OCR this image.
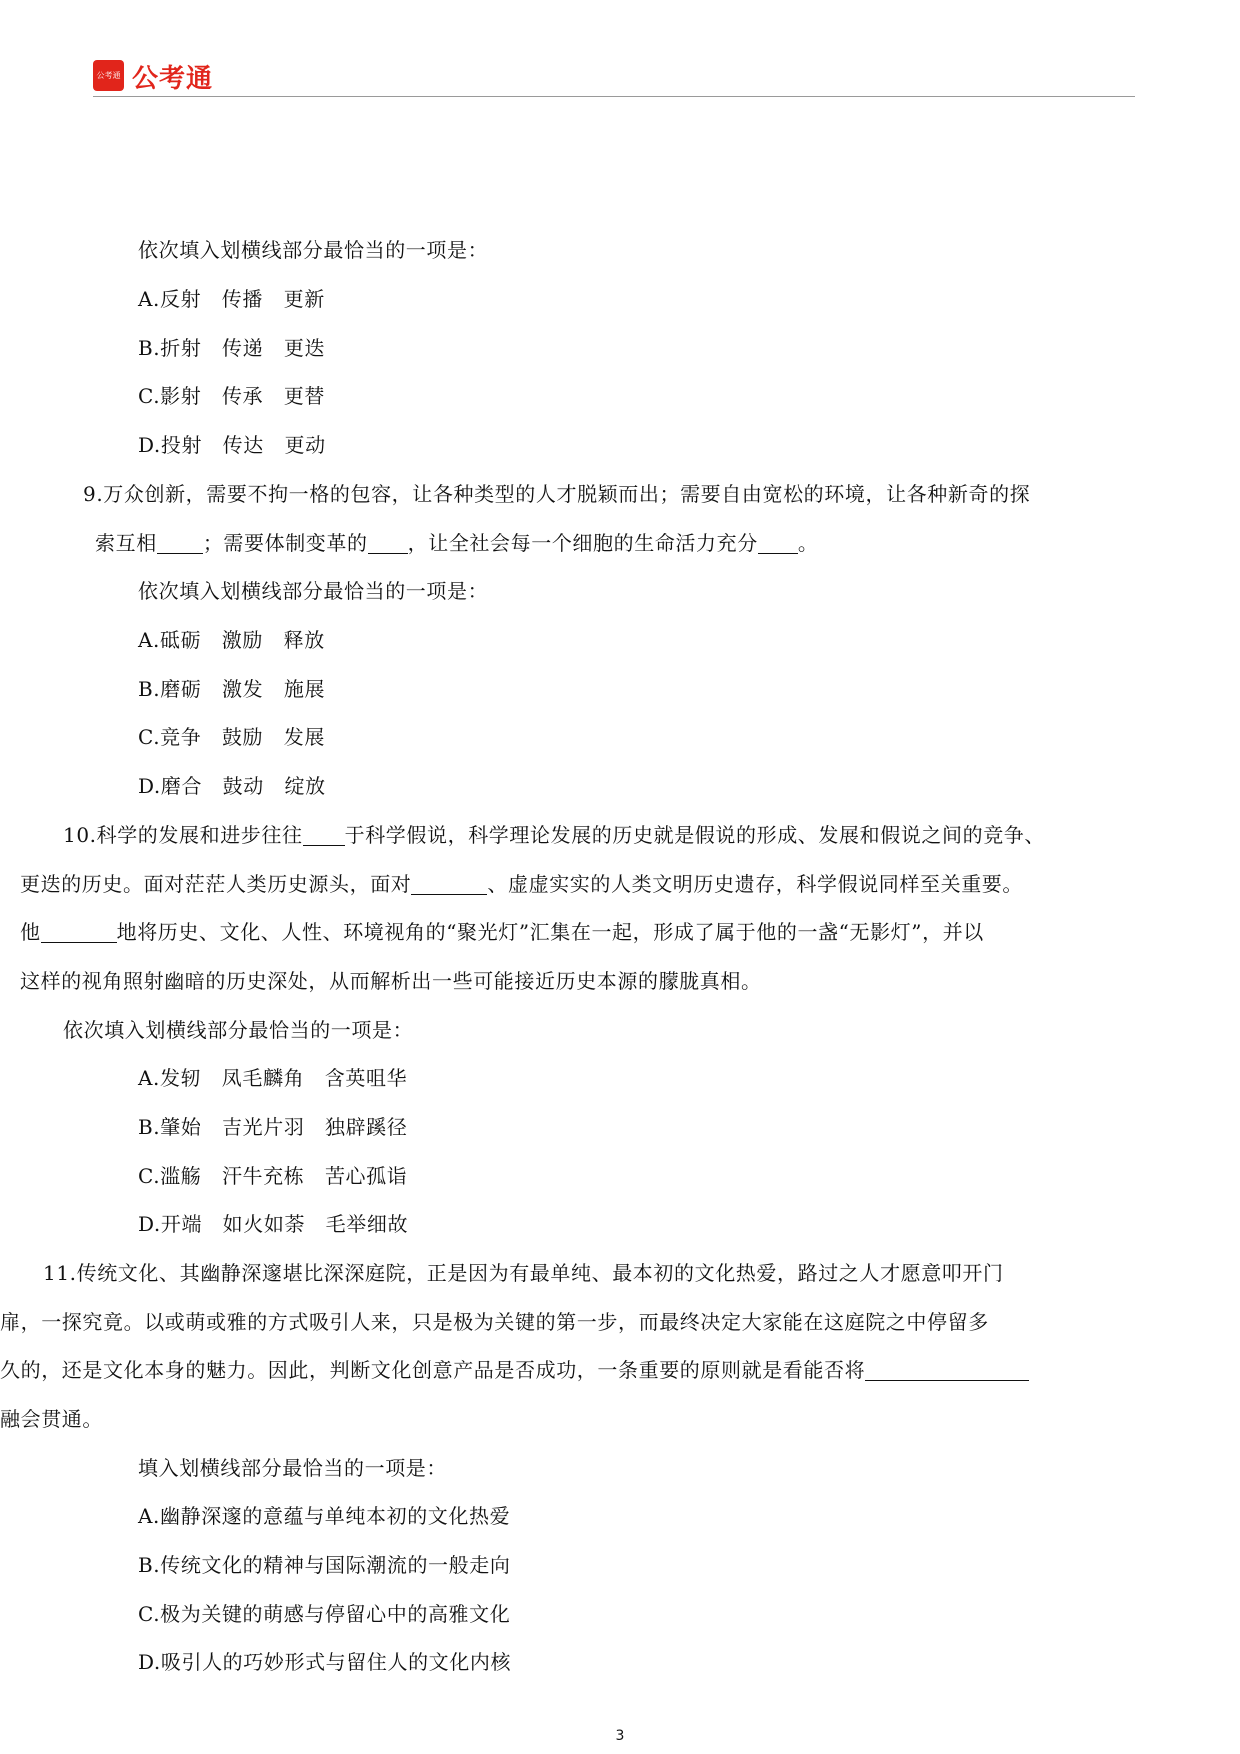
公考通 公考通
依次填入划横线部分最恰当的一项是：
A.反射　传播　更新
B.折射　传递　更迭
C.影射　传承　更替
D.投射　传达　更动
9.万众创新，需要不拘一格的包容，让各种类型的人才脱颖而出；需要自由宽松的环境，让各种新奇的探
索互相 ；需要体制变革的 ，让全社会每一个细胞的生命活力充分 。
依次填入划横线部分最恰当的一项是：
A.砥砺　激励　释放
B.磨砺　激发　施展
C.竞争　鼓励　发展
D.磨合　鼓动　绽放
10.科学的发展和进步往往 于科学假说，科学理论发展的历史就是假说的形成、发展和假说之间的竞争、
更迭的历史。面对茫茫人类历史源头，面对	、虚虚实实的人类文明历史遗存，科学假说同样至关重要。
他	地将历史、文化、人性、环境视角的“聚光灯”汇集在一起，形成了属于他的一盏“无影灯”，并以
这样的视角照射幽暗的历史深处，从而解析出一些可能接近历史本源的朦胧真相。
依次填入划横线部分最恰当的一项是：
A.发轫　凤毛麟角　含英咀华
B.肇始　吉光片羽　独辟蹊径
C.滥觞　汗牛充栋　苦心孤诣
D.开端　如火如荼　毛举细故
11.传统文化、其幽静深邃堪比深深庭院，正是因为有最单纯、最本初的文化热爱，路过之人才愿意叩开门
扉，一探究竟。以或萌或雅的方式吸引人来，只是极为关键的第一步，而最终决定大家能在这庭院之中停留多
久的，还是文化本身的魅力。因此，判断文化创意产品是否成功，一条重要的原则就是看能否将
融会贯通。
填入划横线部分最恰当的一项是：
A.幽静深邃的意蕴与单纯本初的文化热爱
B.传统文化的精神与国际潮流的一般走向
C.极为关键的萌感与停留心中的高雅文化
D.吸引人的巧妙形式与留住人的文化内核
3
